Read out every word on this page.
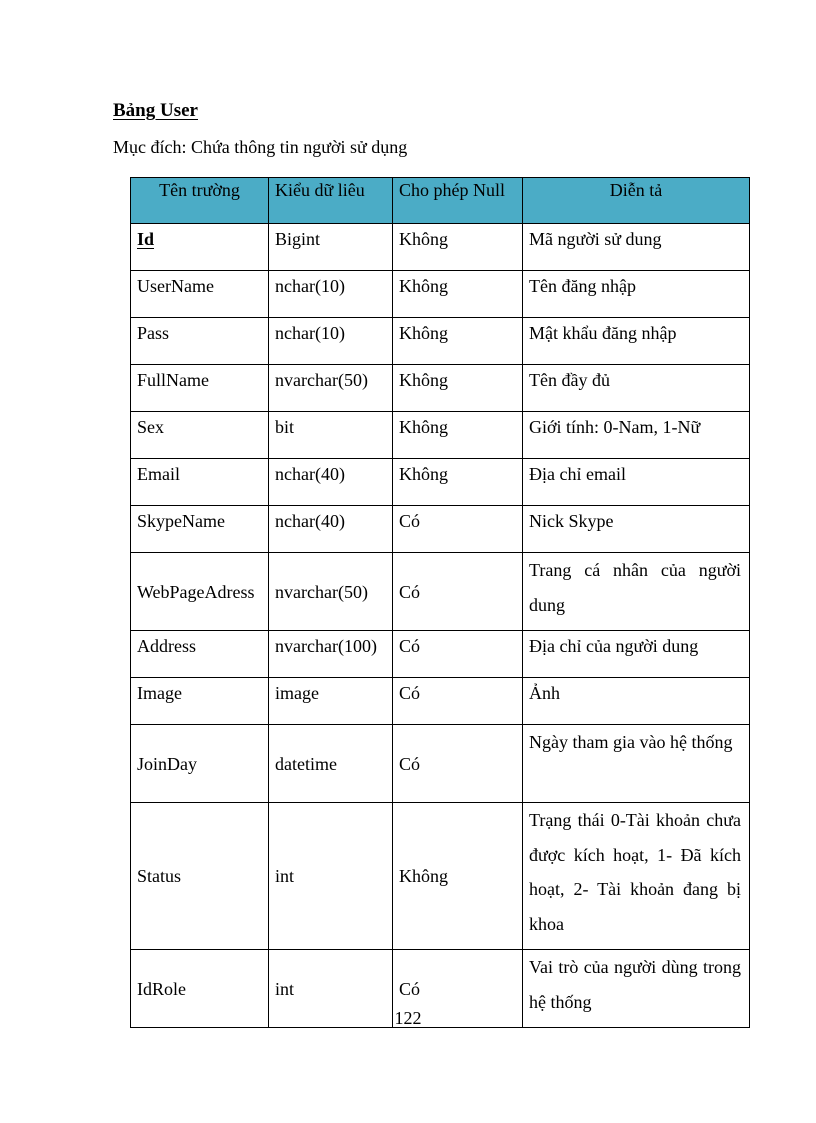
Bảng User

Mục đích: Chứa thông tin người sử dụng

Tên trường	Kiểu dữ liêu	Cho phép Null	Diễn tả
Id	Bigint	Không	Mã người sử dung
UserName	nchar(10)	Không	Tên đăng nhập
Pass	nchar(10)	Không	Mật khẩu đăng nhập
FullName	nvarchar(50)	Không	Tên đầy đủ
Sex	bit	Không	Giới tính: 0-Nam, 1-Nữ
Email	nchar(40)	Không	Địa chỉ email
SkypeName	nchar(40)	Có	Nick Skype
WebPageAdress	nvarchar(50)	Có	Trang cá nhân của người dung
Address	nvarchar(100)	Có	Địa chỉ của người dung
Image	image	Có	Ảnh
JoinDay	datetime	Có	Ngày tham gia vào hệ thống
Status	int	Không	Trạng thái 0-Tài khoản chưa được kích hoạt, 1- Đã kích hoạt, 2- Tài khoản đang bị khoa
IdRole	int	Có	Vai trò của người dùng trong hệ thống

122
